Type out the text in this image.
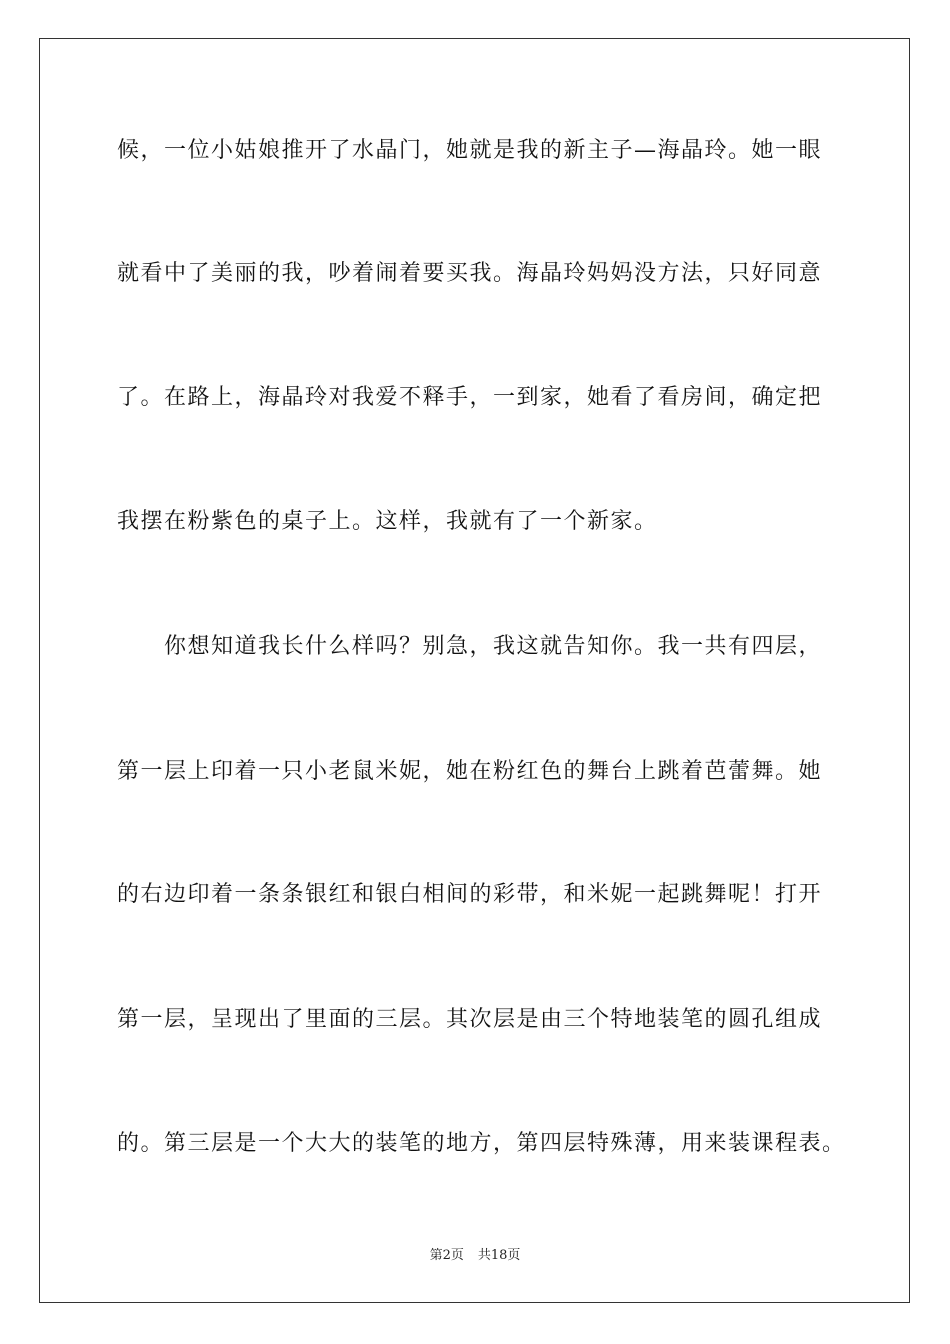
候，一位小姑娘推开了水晶门，她就是我的新主子—海晶玲。她一眼
就看中了美丽的我，吵着闹着要买我。海晶玲妈妈没方法，只好同意
了。在路上，海晶玲对我爱不释手，一到家，她看了看房间，确定把
我摆在粉紫色的桌子上。这样，我就有了一个新家。
你想知道我长什么样吗？别急，我这就告知你。我一共有四层，
第一层上印着一只小老鼠米妮，她在粉红色的舞台上跳着芭蕾舞。她
的右边印着一条条银红和银白相间的彩带，和米妮一起跳舞呢！打开
第一层，呈现出了里面的三层。其次层是由三个特地装笔的圆孔组成
的。第三层是一个大大的装笔的地方，第四层特殊薄，用来装课程表。
第2页 共18页
